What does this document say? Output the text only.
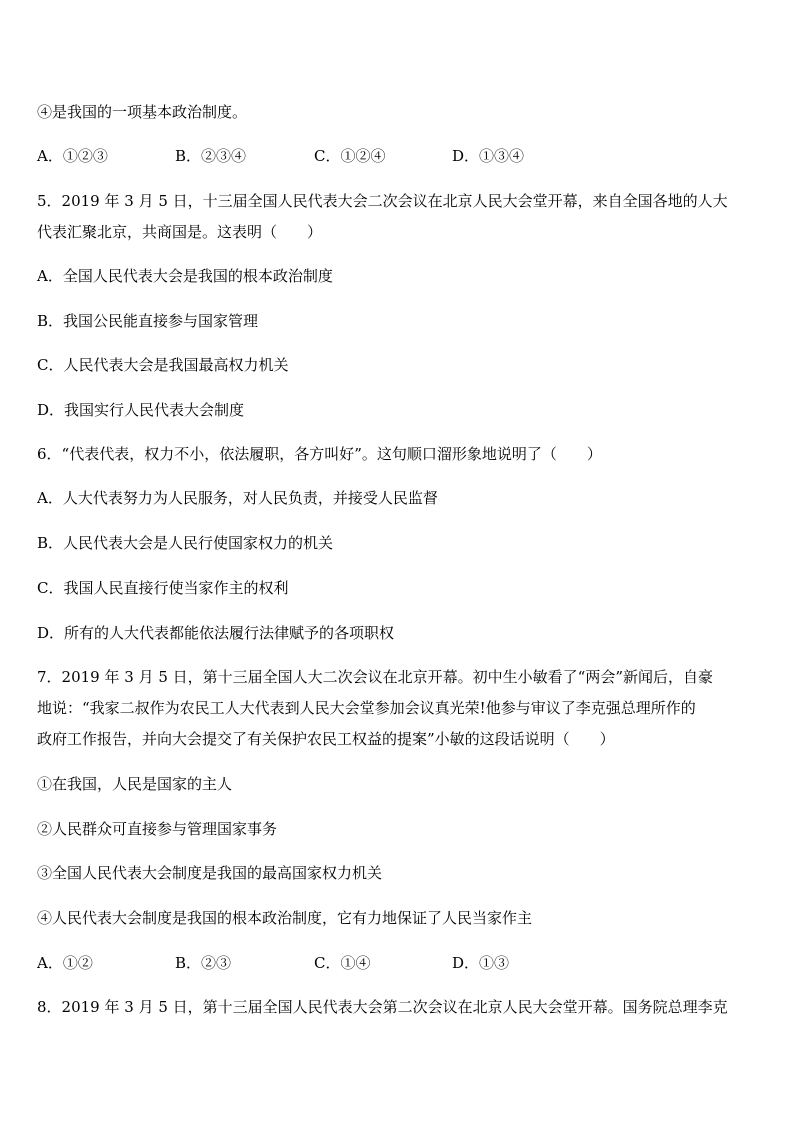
④是我国的一项基本政治制度。
A．①②③	B．②③④	C．①②④	D．①③④
5．2019 年 3 月 5 日，十三届全国人民代表大会二次会议在北京人民大会堂开幕，来自全国各地的人大
代表汇聚北京，共商国是。这表明（　　）
A．全国人民代表大会是我国的根本政治制度
B．我国公民能直接参与国家管理
C．人民代表大会是我国最高权力机关
D．我国实行人民代表大会制度
6．“代表代表，权力不小，依法履职，各方叫好”。这句顺口溜形象地说明了（　　）
A．人大代表努力为人民服务，对人民负责，并接受人民监督
B．人民代表大会是人民行使国家权力的机关
C．我国人民直接行使当家作主的权利
D．所有的人大代表都能依法履行法律赋予的各项职权
7．2019 年 3 月 5 日，第十三届全国人大二次会议在北京开幕。初中生小敏看了“两会”新闻后，自豪
地说：“我家二叔作为农民工人大代表到人民大会堂参加会议真光荣!他参与审议了李克强总理所作的
政府工作报告，并向大会提交了有关保护农民工权益的提案”小敏的这段话说明（　　）
①在我国，人民是国家的主人
②人民群众可直接参与管理国家事务
③全国人民代表大会制度是我国的最高国家权力机关
④人民代表大会制度是我国的根本政治制度，它有力地保证了人民当家作主
A．①②	B．②③	C．①④	D．①③
8．2019 年 3 月 5 日，第十三届全国人民代表大会第二次会议在北京人民大会堂开幕。国务院总理李克
